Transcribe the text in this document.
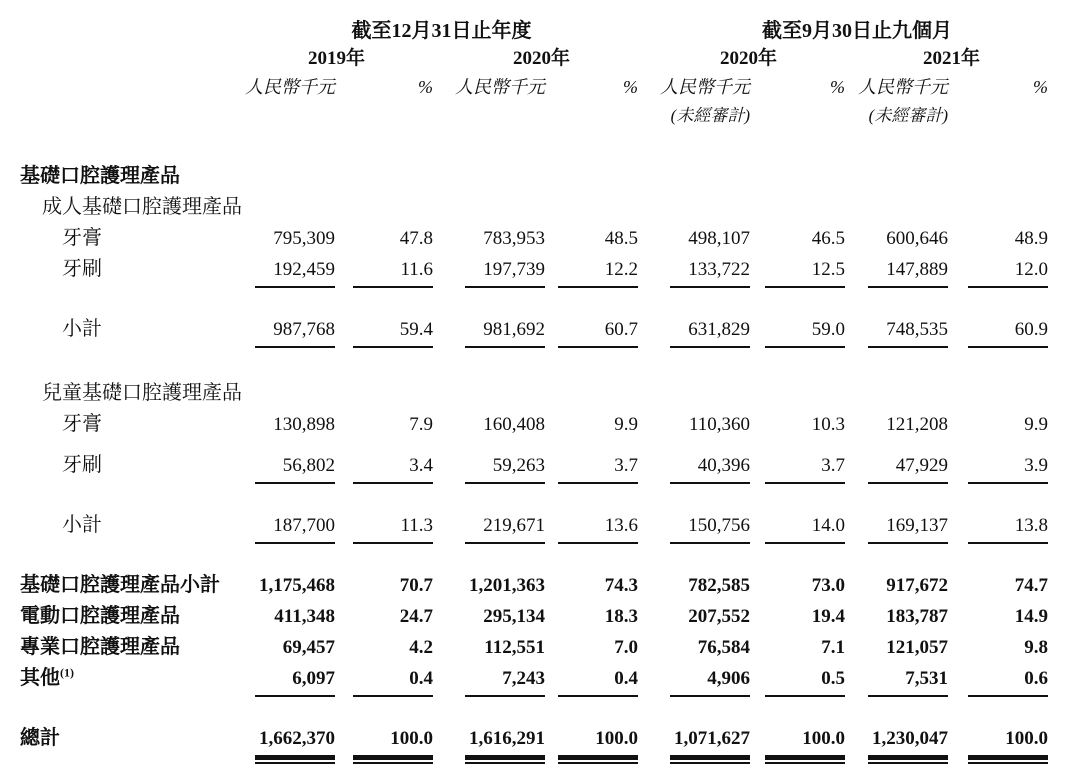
	截至12月31日止年度				截至9月30日止九個月			
	2019年		2020年		2020年		2021年	
	人民幣千元	%	人民幣千元	%	人民幣千元	%	人民幣千元	%
					(未經審計)		(未經審計)	

基礎口腔護理產品								
成人基礎口腔護理產品								
牙膏	795,309	47.8	783,953	48.5	498,107	46.5	600,646	48.9
牙刷	192,459	11.6	197,739	12.2	133,722	12.5	147,889	12.0

小計	987,768	59.4	981,692	60.7	631,829	59.0	748,535	60.9

兒童基礎口腔護理產品								
牙膏	130,898	7.9	160,408	9.9	110,360	10.3	121,208	9.9

牙刷	56,802	3.4	59,263	3.7	40,396	3.7	47,929	3.9

小計	187,700	11.3	219,671	13.6	150,756	14.0	169,137	13.8

基礎口腔護理產品小計	1,175,468	70.7	1,201,363	74.3	782,585	73.0	917,672	74.7
電動口腔護理產品	411,348	24.7	295,134	18.3	207,552	19.4	183,787	14.9
專業口腔護理產品	69,457	4.2	112,551	7.0	76,584	7.1	121,057	9.8
其他$^{(1)}$	6,097	0.4	7,243	0.4	4,906	0.5	7,531	0.6

總計	1,662,370	100.0	1,616,291	100.0	1,071,627	100.0	1,230,047	100.0
